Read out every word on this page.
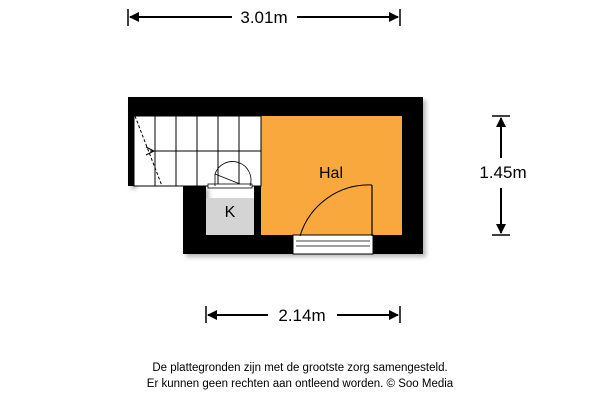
3.01m
Hal
K
1.45m
2.14m
De plattegronden zijn met de grootste zorg samengesteld.
Er kunnen geen rechten aan ontleend worden. © Soo Media
